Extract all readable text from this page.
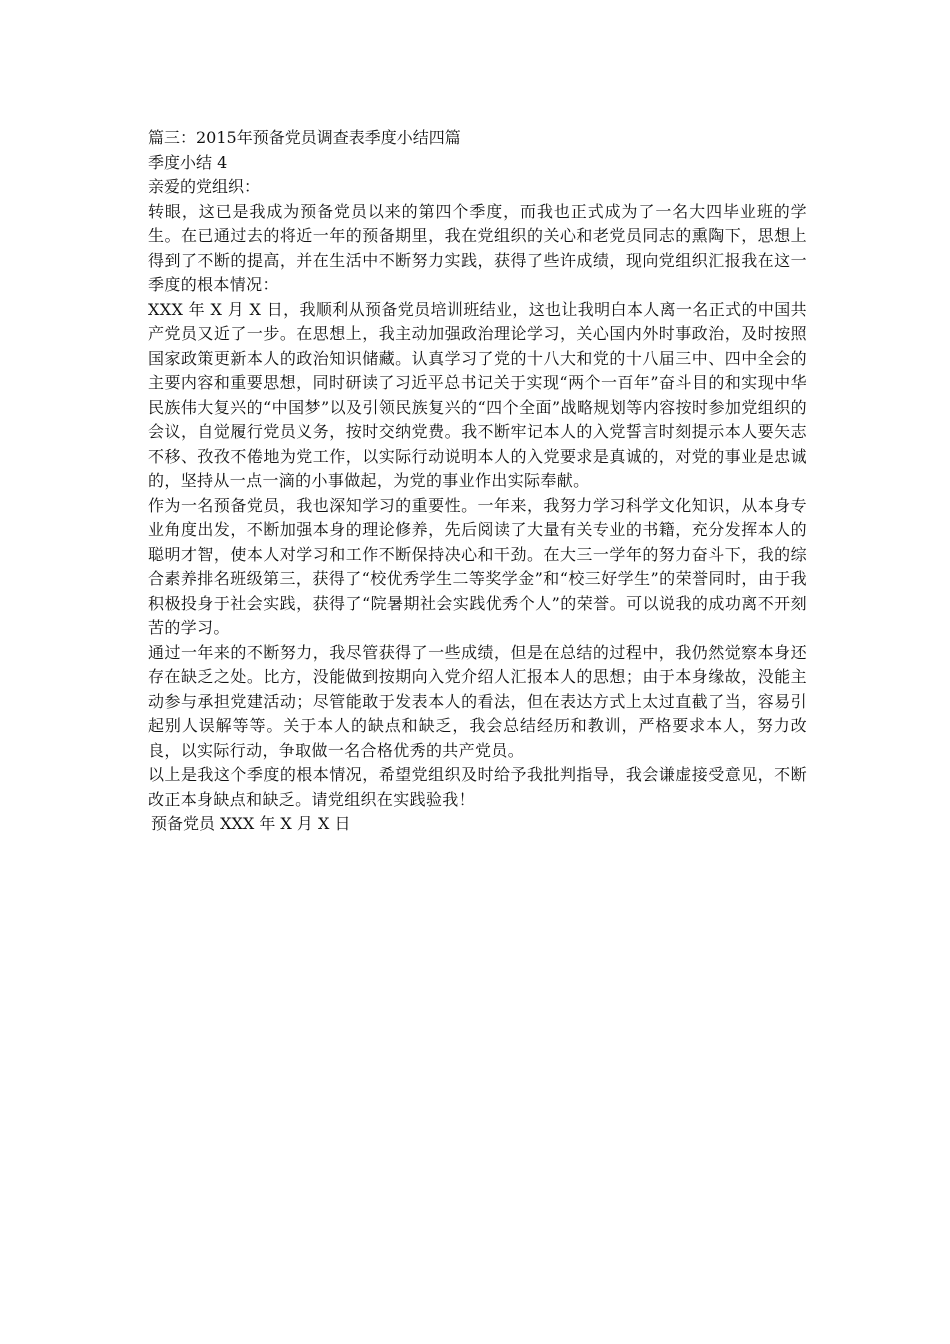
篇三：2015年预备党员调查表季度小结四篇

季度小结 4

亲爱的党组织：

转眼，这已是我成为预备党员以来的第四个季度，而我也正式成为了一名大四毕业班的学生。在已通过去的将近一年的预备期里，我在党组织的关心和老党员同志的熏陶下，思想上得到了不断的提高，并在生活中不断努力实践，获得了些许成绩，现向党组织汇报我在这一季度的根本情况：

XXX 年 X 月 X 日，我顺利从预备党员培训班结业，这也让我明白本人离一名正式的中国共产党员又近了一步。在思想上，我主动加强政治理论学习，关心国内外时事政治，及时按照国家政策更新本人的政治知识储藏。认真学习了党的十八大和党的十八届三中、四中全会的主要内容和重要思想，同时研读了习近平总书记关于实现“两个一百年”奋斗目的和实现中华民族伟大复兴的“中国梦”以及引领民族复兴的“四个全面”战略规划等内容按时参加党组织的会议，自觉履行党员义务，按时交纳党费。我不断牢记本人的入党誓言时刻提示本人要矢志不移、孜孜不倦地为党工作，以实际行动说明本人的入党要求是真诚的，对党的事业是忠诚的，坚持从一点一滴的小事做起，为党的事业作出实际奉献。

作为一名预备党员，我也深知学习的重要性。一年来，我努力学习科学文化知识，从本身专业角度出发，不断加强本身的理论修养，先后阅读了大量有关专业的书籍，充分发挥本人的聪明才智，使本人对学习和工作不断保持决心和干劲。在大三一学年的努力奋斗下，我的综合素养排名班级第三，获得了“校优秀学生二等奖学金”和“校三好学生”的荣誉同时，由于我积极投身于社会实践，获得了“院暑期社会实践优秀个人”的荣誉。可以说我的成功离不开刻苦的学习。

通过一年来的不断努力，我尽管获得了一些成绩，但是在总结的过程中，我仍然觉察本身还存在缺乏之处。比方，没能做到按期向入党介绍人汇报本人的思想；由于本身缘故，没能主动参与承担党建活动；尽管能敢于发表本人的看法，但在表达方式上太过直截了当，容易引起别人误解等等。关于本人的缺点和缺乏，我会总结经历和教训，严格要求本人，努力改良，以实际行动，争取做一名合格优秀的共产党员。

以上是我这个季度的根本情况，希望党组织及时给予我批判指导，我会谦虚接受意见，不断改正本身缺点和缺乏。请党组织在实践验我！

预备党员 XXX 年 X 月 X 日
